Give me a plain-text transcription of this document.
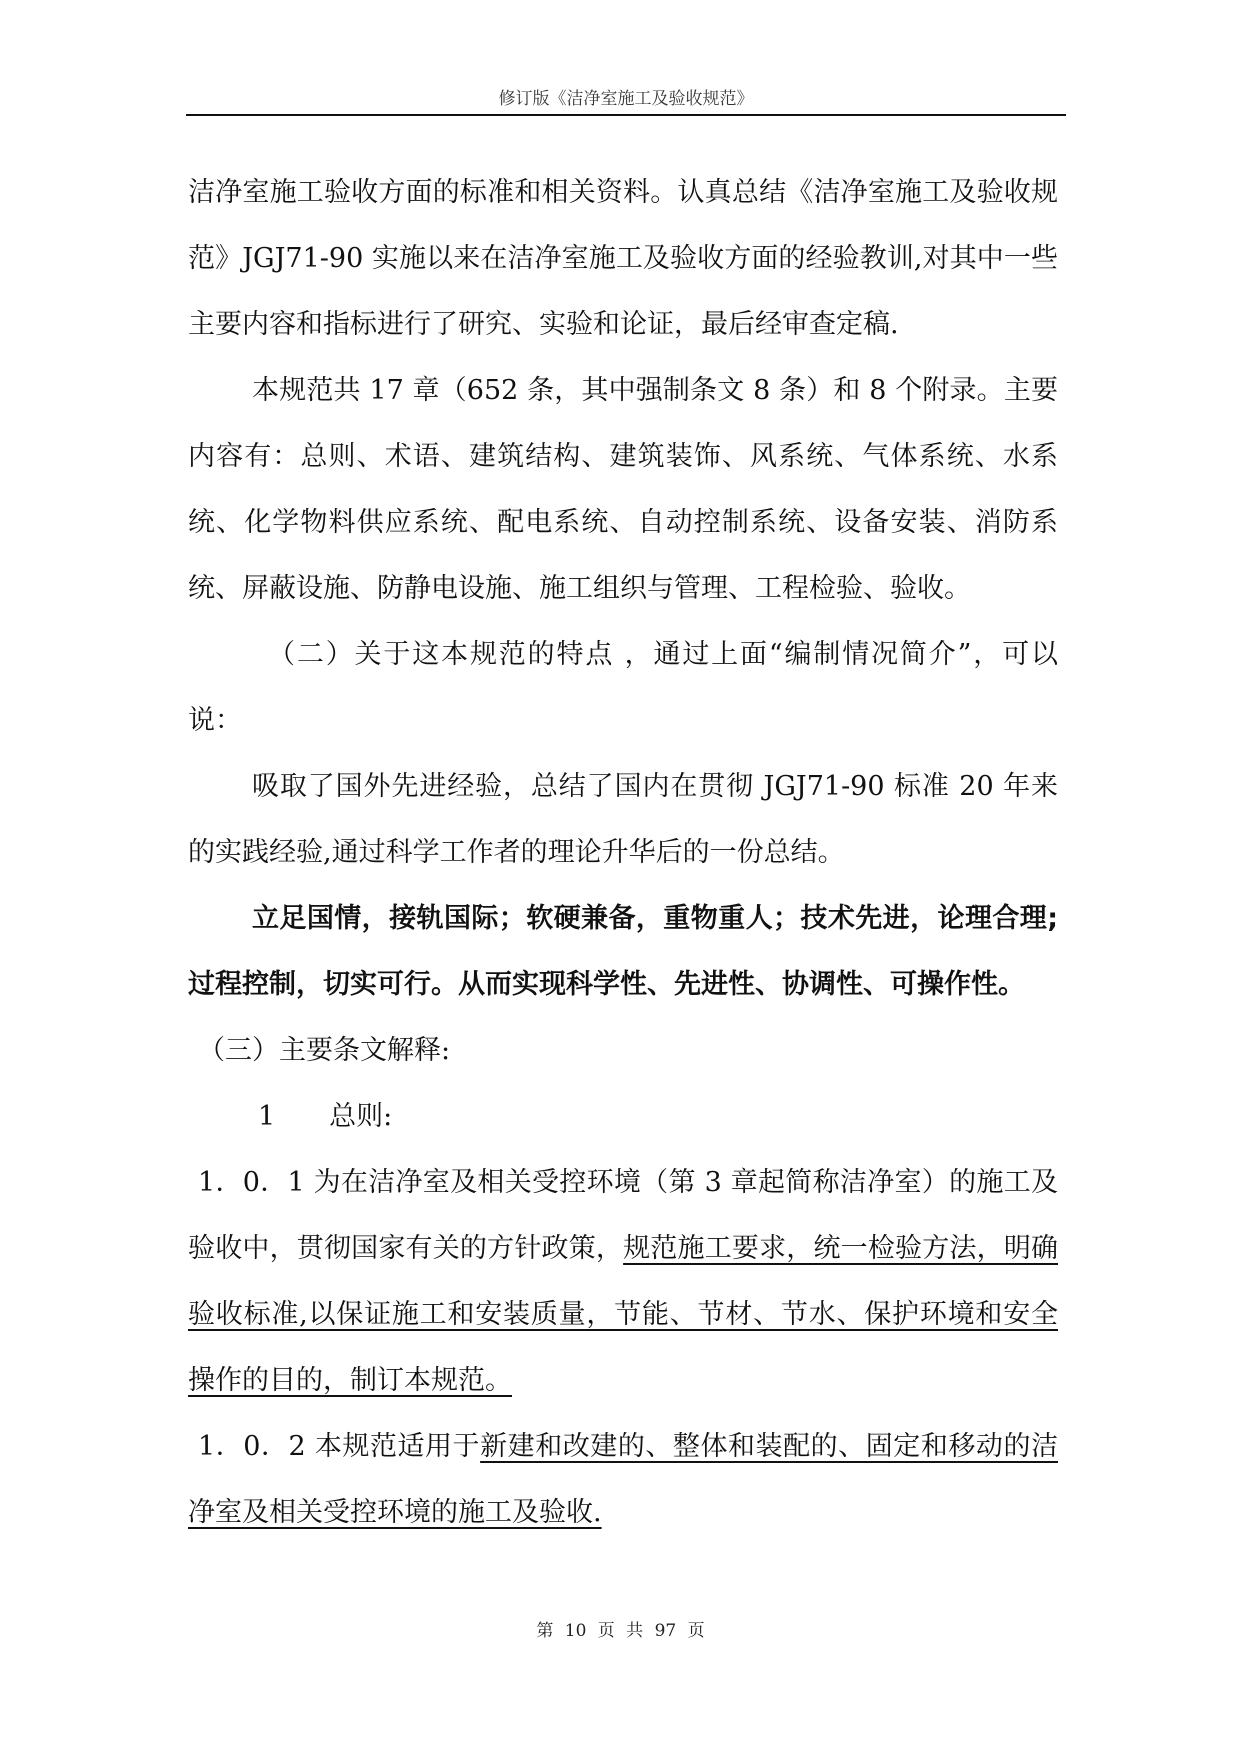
修订版《洁净室施工及验收规范》

洁净室施工验收方面的标准和相关资料。认真总结《洁净室施工及验收规范》JGJ71-90 实施以来在洁净室施工及验收方面的经验教训,对其中一些主要内容和指标进行了研究、实验和论证，最后经审查定稿.

本规范共 17 章（652 条，其中强制条文 8 条）和 8 个附录。主要内容有：总则、术语、建筑结构、建筑装饰、风系统、气体系统、水系统、化学物料供应系统、配电系统、自动控制系统、设备安装、消防系统、屏蔽设施、防静电设施、施工组织与管理、工程检验、验收。

（二）关于这本规范的特点 ，通过上面“编制情况简介”，可以说：

吸取了国外先进经验，总结了国内在贯彻 JGJ71-90 标准 20 年来的实践经验,通过科学工作者的理论升华后的一份总结。

立足国情，接轨国际；软硬兼备，重物重人；技术先进，论理合理; 过程控制，切实可行。从而实现科学性、先进性、协调性、可操作性。

（三）主要条文解释:

1　　总则:

1．0．1 为在洁净室及相关受控环境（第 3 章起简称洁净室）的施工及验收中，贯彻国家有关的方针政策，规范施工要求，统一检验方法，明确验收标准,以保证施工和安装质量，节能、节材、节水、保护环境和安全操作的目的，制订本规范。

1．0．2 本规范适用于新建和改建的、整体和装配的、固定和移动的洁净室及相关受控环境的施工及验收.

第 10 页 共 97 页
